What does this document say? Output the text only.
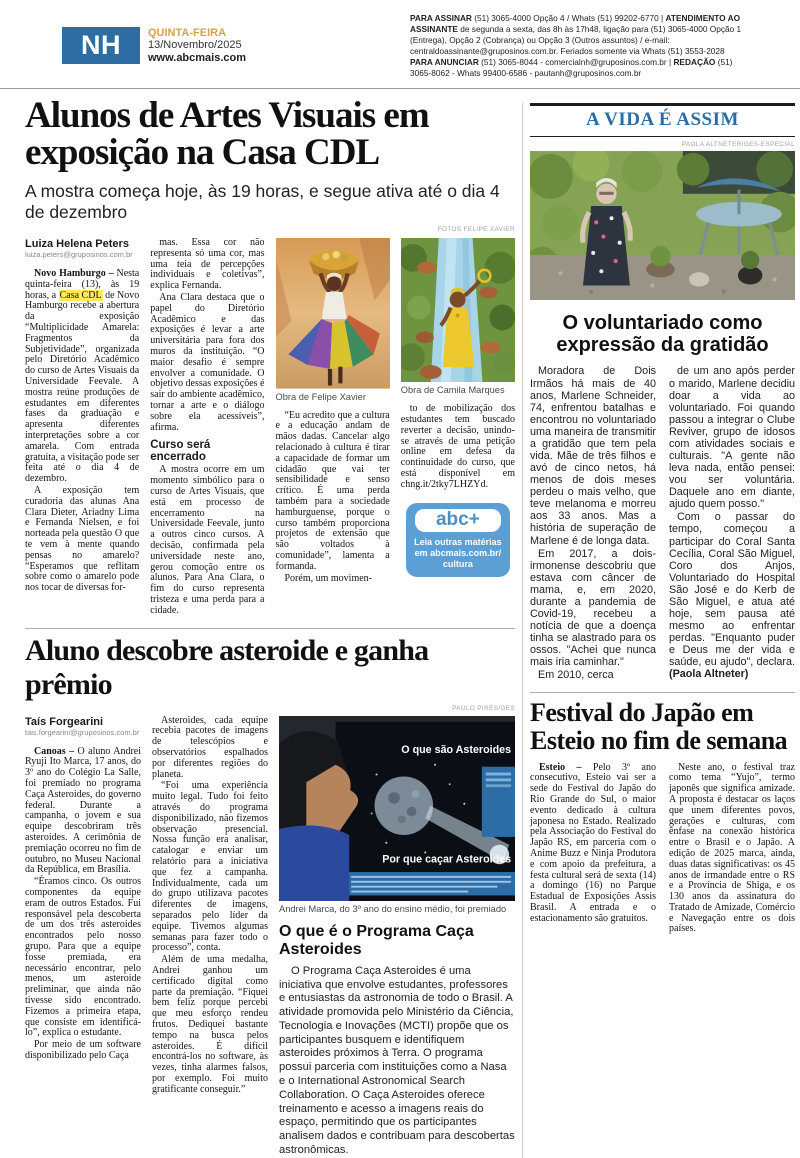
NH	QUINTA-FEIRA
13/Novembro/2025
www.abcmais.com

PARA ASSINAR (51) 3065-4000 Opção 4 / Whats (51) 99202-6770 | ATENDIMENTO AO ASSINANTE de segunda a sexta, das 8h às 17h48, ligação para (51) 3065-4000 Opção 1 (Entrega), Opção 2 (Cobrança) ou Opção 3 (Outros assuntos) / e-mail: centraldoassinante@gruposinos.com.br. Feriados somente via Whats (51) 3553-2028

PARA ANUNCIAR (51) 3065-8044 - comercialnh@gruposinos.com.br | REDAÇÃO (51) 3065-8062 - Whats 99400-6586 - pautanh@gruposinos.com.br

Alunos de Artes Visuais em exposição na Casa CDL

A mostra começa hoje, às 19 horas, e segue ativa até o dia 4 de dezembro

FOTOS FELIPE XAVIER
Luiza Helena Peters
luiza.peters@gruposinos.com.br

Novo Hamburgo – Nesta quinta-feira (13), às 19 horas, a Casa CDL de Novo Hamburgo recebe a abertura da exposição “Multiplicidade Amarela: Fragmentos da Subjetividade”, organizada pelo Diretório Acadêmico do curso de Artes Visuais da Universidade Feevale. A mostra reúne produções de estudantes em diferentes fases da graduação e apresenta diferentes interpretações sobre a cor amarela. Com entrada gratuita, a visitação pode ser feita até o dia 4 de dezembro.

A exposição tem curadoria das alunas Ana Clara Dieter, Ariadny Lima e Fernanda Nielsen, e foi norteada pela questão O que te vem à mente quando pensas no amarelo? “Esperamos que reflitam sobre como o amarelo pode nos tocar de diversas for-

mas. Essa cor não representa só uma cor, mas uma teia de percepções individuais e coletivas”, explica Fernanda.

Ana Clara destaca que o papel do Diretório Acadêmico e das exposições é levar a arte universitária para fora dos muros da instituição. “O maior desafio é sempre envolver a comunidade. O objetivo dessas exposições é sair do ambiente acadêmico, tornar a arte e o diálogo sobre ela acessíveis”, afirma.

Curso será encerrado

A mostra ocorre em um momento simbólico para o curso de Artes Visuais, que está em processo de encerramento na Universidade Feevale, junto a outros cinco cursos. A decisão, confirmada pela universidade neste ano, gerou comoção entre os alunos. Para Ana Clara, o fim do curso representa tristeza e uma perda para a cidade.

Obra de Felipe Xavier

“Eu acredito que a cultura e a educação andam de mãos dadas. Cancelar algo relacionado à cultura é tirar a capacidade de formar um cidadão que vai ter sensibilidade e senso crítico. É uma perda também para a sociedade hamburguense, porque o curso também proporciona projetos de extensão que são voltados à comunidade”, lamenta a formanda.

Porém, um movimen-

Obra de Camila Marques

to de mobilização dos estudantes tem buscado reverter a decisão, unindo-se através de uma petição online em defesa da continuidade do curso, que está disponível em chng.it/2tky7LHZYd.

abc+
Leia outras matérias em abcmais.com.br/ cultura
Aluno descobre asteroide e ganha prêmio
PAULO PIRES/GES
Taís Forgearini
tais.forgearini@gruposinos.com.br

Canoas – O aluno Andrei Ryuji Ito Marca, 17 anos, do 3º ano do Colégio La Salle, foi premiado no programa Caça Asteroides, do governo federal. Durante a campanha, o jovem e sua equipe descobriram três asteroides. A cerimônia de premiação ocorreu no fim de outubro, no Museu Nacional da República, em Brasília.

“Éramos cinco. Os outros componentes da equipe eram de outros Estados. Fui responsável pela descoberta de um dos três asteroides encontrados pelo nosso grupo. Para que a equipe fosse premiada, era necessário encontrar, pelo menos, um asteroide preliminar, que ainda não tivesse sido encontrado. Fizemos a primeira etapa, que consiste em identificá-lo”, explica o estudante.

Por meio de um software disponibilizado pelo Caça

Asteroides, cada equipe recebia pacotes de imagens de telescópios e observatórios espalhados por diferentes regiões do planeta.

“Foi uma experiência muito legal. Tudo foi feito através do programa disponibilizado, não fizemos observação presencial. Nossa função era analisar, catalogar e enviar um relatório para a iniciativa que fez a campanha. Individualmente, cada um do grupo utilizava pacotes diferentes de imagens, separados pelo líder da equipe. Tivemos algumas semanas para fazer todo o processo”, conta.

Além de uma medalha, Andrei ganhou um certificado digital como parte da premiação. “Fiquei bem feliz porque percebi que meu esforço rendeu frutos. Dediquei bastante tempo na busca pelos asteroides. É difícil encontrá-los no software, às vezes, tinha alarmes falsos, por exemplo. Foi muito gratificante conseguir.”

O que são Asteroides
Por que caçar Asteroides
Andrei Marca, do 3º ano do ensino médio, foi premiado
O que é o Programa Caça Asteroides

O Programa Caça Asteroides é uma iniciativa que envolve estudantes, professores e entusiastas da astronomia de todo o Brasil. A atividade promovida pelo Ministério da Ciência, Tecnologia e Inovações (MCTI) propõe que os participantes busquem e identifiquem asteroides próximos à Terra. O programa possui parceria com instituições como a Nasa e o International Astronomical Search Collaboration. O Caça Asteroides oferece treinamento e acesso a imagens reais do espaço, permitindo que os participantes analisem dados e contribuam para descobertas astronômicas.

A VIDA É ASSIM
PAOLA ALTNETER/GES-ESPECIAL
O voluntariado como expressão da gratidão

Moradora de Dois Irmãos há mais de 40 anos, Marlene Schneider, 74, enfrentou batalhas e encontrou no voluntariado uma maneira de transmitir a gratidão que tem pela vida. Mãe de três filhos e avó de cinco netos, há menos de dois meses perdeu o mais velho, que teve melanoma e morreu aos 33 anos. Mas a história de superação de Marlene é de longa data.

Em 2017, a dois-irmonense descobriu que estava com câncer de mama, e, em 2020, durante a pandemia de Covid-19, recebeu a notícia de que a doença tinha se alastrado para os ossos. "Achei que nunca mais iria caminhar."

Em 2010, cerca

de um ano após perder o marido, Marlene decidiu doar a vida ao voluntariado. Foi quando passou a integrar o Clube Reviver, grupo de idosos com atividades sociais e culturais. "A gente não leva nada, então pensei: vou ser voluntária. Daquele ano em diante, ajudo quem posso."

Com o passar do tempo, começou a participar do Coral Santa Cecília, Coral São Miguel, Coro dos Anjos, Voluntariado do Hospital São José e do Kerb de São Miguel, e atua até hoje, sem pausa até mesmo ao enfrentar perdas. "Enquanto puder e Deus me der vida e saúde, eu ajudo", declara. (Paola Altneter)

Festival do Japão em Esteio no fim de semana

Esteio – Pelo 3º ano consecutivo, Esteio vai ser a sede do Festival do Japão do Rio Grande do Sul, o maior evento dedicado à cultura japonesa no Estado. Realizado pela Associação do Festival do Japão RS, em parceria com o Anime Buzz e Ninja Produtora e com apoio da prefeitura, a festa cultural será de sexta (14) a domingo (16) no Parque Estadual de Exposições Assis Brasil. A entrada e o estacionamento são gratuitos.

Neste ano, o festival traz como tema “Yujo”, termo japonês que significa amizade. A proposta é destacar os laços que unem diferentes povos, gerações e culturas, com ênfase na conexão histórica entre o Brasil e o Japão. A edição de 2025 marca, ainda, duas datas significativas: os 45 anos de irmandade entre o RS e a Província de Shiga, e os 130 anos da assinatura do Tratado de Amizade, Comércio e Navegação entre os dois países.
